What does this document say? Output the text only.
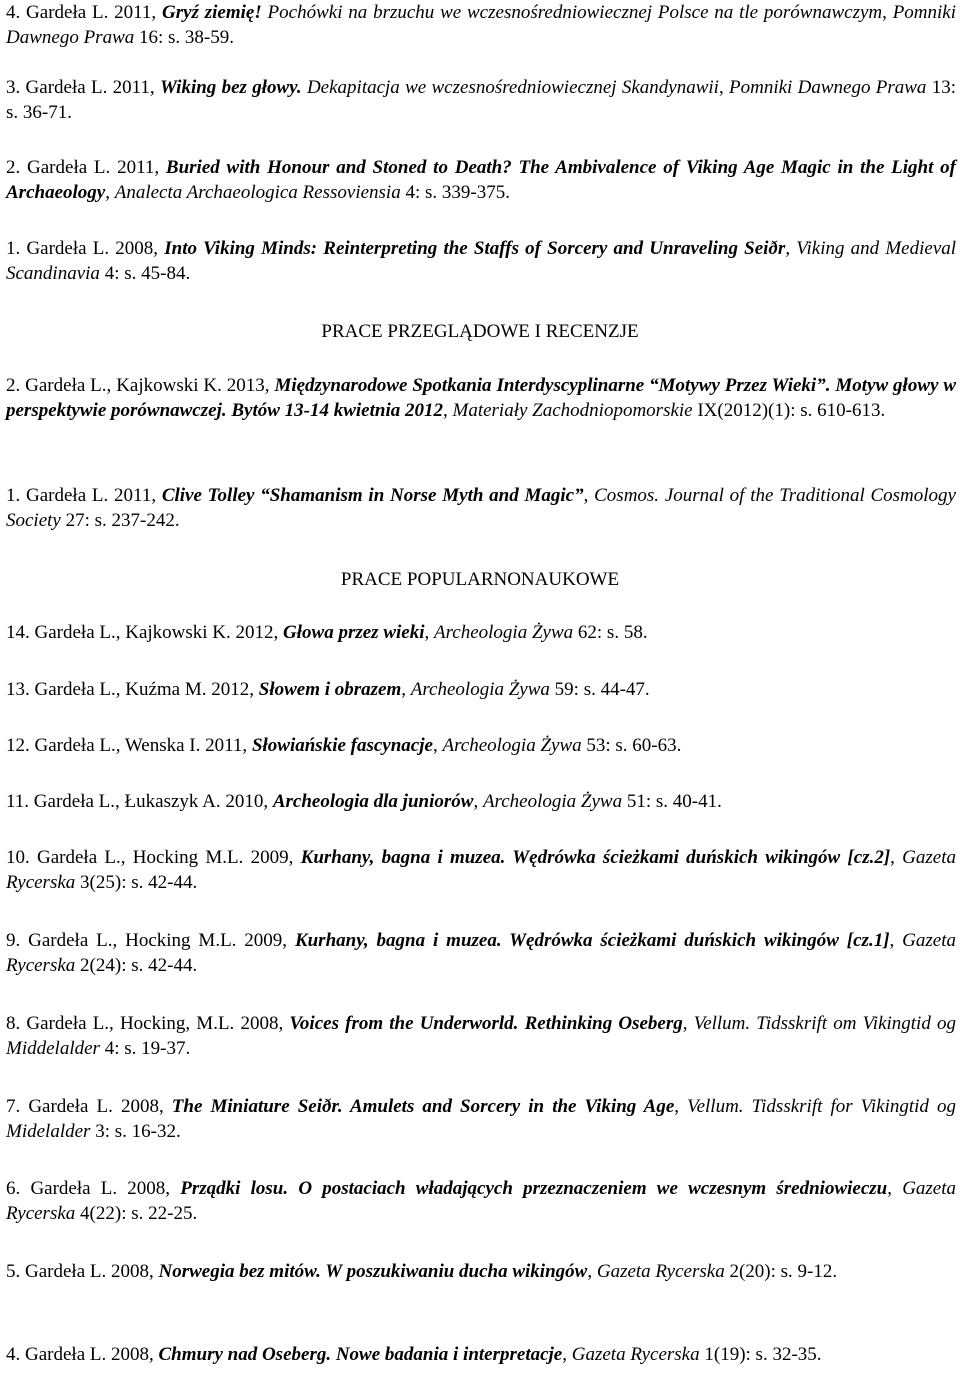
4. Gardeła L. 2011, Gryź ziemię! Pochówki na brzuchu we wczesnośredniowiecznej Polsce na tle porównawczym, Pomniki Dawnego Prawa 16: s. 38-59.

3. Gardeła L. 2011, Wiking bez głowy. Dekapitacja we wczesnośredniowiecznej Skandynawii, Pomniki Dawnego Prawa 13: s. 36-71.

2. Gardeła L. 2011, Buried with Honour and Stoned to Death? The Ambivalence of Viking Age Magic in the Light of Archaeology, Analecta Archaeologica Ressoviensia 4: s. 339-375.

1. Gardeła L. 2008, Into Viking Minds: Reinterpreting the Staffs of Sorcery and Unraveling Seiðr, Viking and Medieval Scandinavia 4: s. 45-84.

2. Gardeła L., Kajkowski K. 2013, Międzynarodowe Spotkania Interdyscyplinarne “Motywy Przez Wieki”. Motyw głowy w perspektywie porównawczej. Bytów 13-14 kwietnia 2012, Materiały Zachodniopomorskie IX(2012)(1): s. 610-613.

1. Gardeła L. 2011, Clive Tolley “Shamanism in Norse Myth and Magic”, Cosmos. Journal of the Traditional Cosmology Society 27: s. 237-242.

14. Gardeła L., Kajkowski K. 2012, Głowa przez wieki, Archeologia Żywa 62: s. 58.

13. Gardeła L., Kuźma M. 2012, Słowem i obrazem, Archeologia Żywa 59: s. 44-47.

12. Gardeła L., Wenska I. 2011, Słowiańskie fascynacje, Archeologia Żywa 53: s. 60-63.

11. Gardeła L., Łukaszyk A. 2010, Archeologia dla juniorów, Archeologia Żywa 51: s. 40-41.

10. Gardeła L., Hocking M.L. 2009, Kurhany, bagna i muzea. Wędrówka ścieżkami duńskich wikingów [cz.2], Gazeta Rycerska 3(25): s. 42-44.

9. Gardeła L., Hocking M.L. 2009, Kurhany, bagna i muzea. Wędrówka ścieżkami duńskich wikingów [cz.1], Gazeta Rycerska 2(24): s. 42-44.

8. Gardeła L., Hocking, M.L. 2008, Voices from the Underworld. Rethinking Oseberg, Vellum. Tidsskrift om Vikingtid og Middelalder 4: s. 19-37.

7. Gardeła L. 2008, The Miniature Seiðr. Amulets and Sorcery in the Viking Age, Vellum. Tidsskrift for Vikingtid og Midelalder 3: s. 16-32.

6. Gardeła L. 2008, Prządki losu. O postaciach władających przeznaczeniem we wczesnym średniowieczu, Gazeta Rycerska 4(22): s. 22-25.

5. Gardeła L. 2008, Norwegia bez mitów. W poszukiwaniu ducha wikingów, Gazeta Rycerska 2(20): s. 9-12.

4. Gardeła L. 2008, Chmury nad Oseberg. Nowe badania i interpretacje, Gazeta Rycerska 1(19): s. 32-35.

PRACE PRZEGLĄDOWE I RECENZJE
PRACE POPULARNONAUKOWE
